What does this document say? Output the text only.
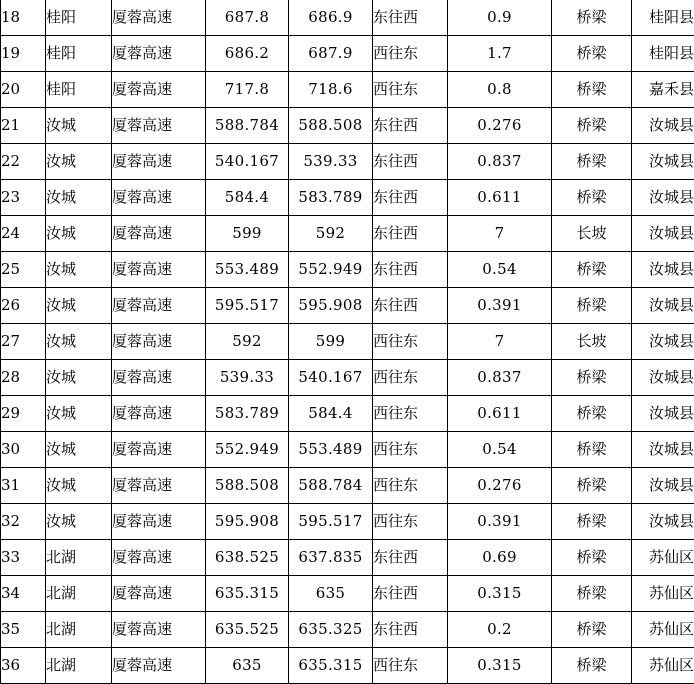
18	桂阳	厦蓉高速	687.8	686.9	东往西	0.9	桥梁	桂阳县
19	桂阳	厦蓉高速	686.2	687.9	西往东	1.7	桥梁	桂阳县
20	桂阳	厦蓉高速	717.8	718.6	西往东	0.8	桥梁	嘉禾县
21	汝城	厦蓉高速	588.784	588.508	东往西	0.276	桥梁	汝城县
22	汝城	厦蓉高速	540.167	539.33	东往西	0.837	桥梁	汝城县
23	汝城	厦蓉高速	584.4	583.789	东往西	0.611	桥梁	汝城县
24	汝城	厦蓉高速	599	592	东往西	7	长坡	汝城县
25	汝城	厦蓉高速	553.489	552.949	东往西	0.54	桥梁	汝城县
26	汝城	厦蓉高速	595.517	595.908	东往西	0.391	桥梁	汝城县
27	汝城	厦蓉高速	592	599	西往东	7	长坡	汝城县
28	汝城	厦蓉高速	539.33	540.167	西往东	0.837	桥梁	汝城县
29	汝城	厦蓉高速	583.789	584.4	西往东	0.611	桥梁	汝城县
30	汝城	厦蓉高速	552.949	553.489	西往东	0.54	桥梁	汝城县
31	汝城	厦蓉高速	588.508	588.784	西往东	0.276	桥梁	汝城县
32	汝城	厦蓉高速	595.908	595.517	西往东	0.391	桥梁	汝城县
33	北湖	厦蓉高速	638.525	637.835	东往西	0.69	桥梁	苏仙区
34	北湖	厦蓉高速	635.315	635	东往西	0.315	桥梁	苏仙区
35	北湖	厦蓉高速	635.525	635.325	东往西	0.2	桥梁	苏仙区
36	北湖	厦蓉高速	635	635.315	西往东	0.315	桥梁	苏仙区
